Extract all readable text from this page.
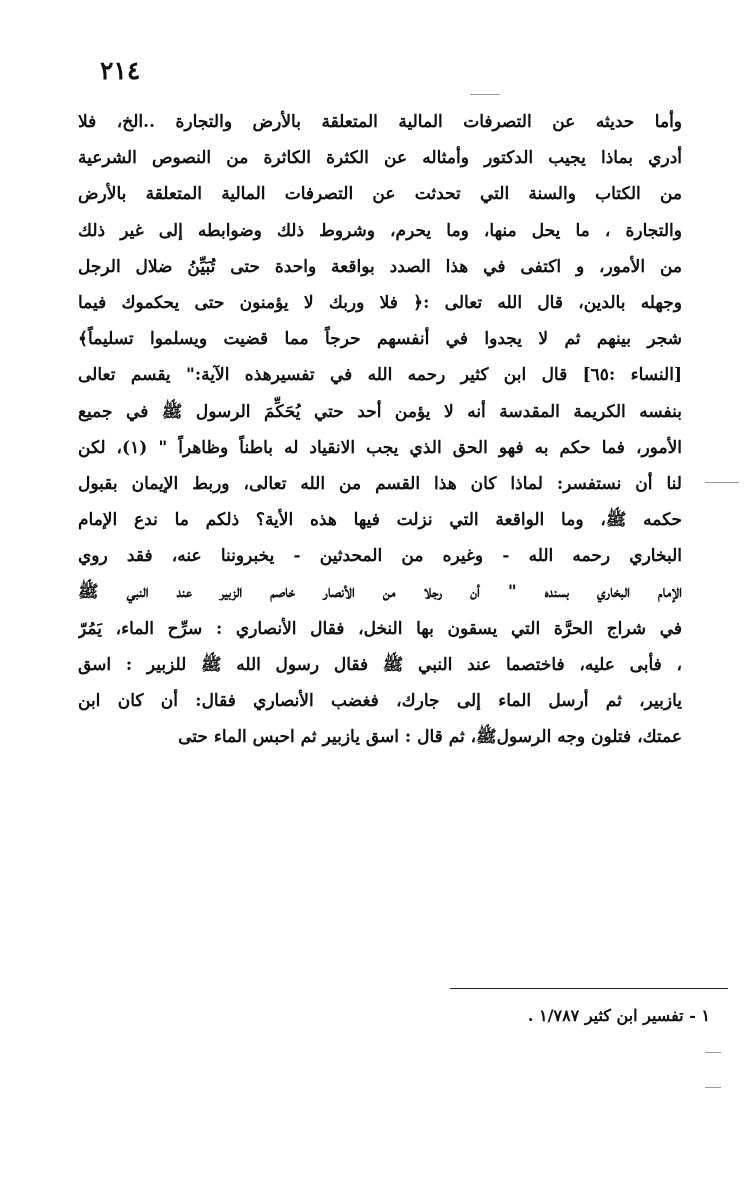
٢١٤
وأما حديثه عن التصرفات المالية المتعلقة بالأرض والتجارة ..الخ، فلا
أدري بماذا يجيب الدكتور وأمثاله عن الكثرة الكاثرة من النصوص الشرعية
من الكتاب والسنة التي تحدثت عن التصرفات المالية المتعلقة بالأرض
والتجارة ، ما يحل منها، وما يحرم، وشروط ذلك وضوابطه إلى غير ذلك
من الأمور، و اكتفى في هذا الصدد بواقعة واحدة حتى تُبَيِّنُ ضلال الرجل
وجهله بالدين، قال الله تعالى :﴿ فلا وربك لا يؤمنون حتى يحكموك فيما
شجر بينهم ثم لا يجدوا في أنفسهم حرجاً مما قضيت ويسلموا تسليماً﴾
[النساء :٦٥] قال ابن كثير رحمه الله في تفسيرهذه الآية:" يقسم تعالى
بنفسه الكريمة المقدسة أنه لا يؤمن أحد حتي يُحَكِّمَ الرسول ﷺ في جميع
الأمور، فما حكم به فهو الحق الذي يجب الانقياد له باطناً وظاهراً " (١)، لكن
لنا أن نستفسر: لماذا كان هذا القسم من الله تعالى، وربط الإيمان بقبول
حكمه ﷺ، وما الواقعة التي نزلت فيها هذه الأية؟ ذلكم ما ندع الإمام
البخاري رحمه الله - وغيره من المحدثين - يخبروننا عنه، فقد روي
الإمام البخاري بسنده " أن رجلا من الأنصار خاصم الزبير عند النبي ﷺ
في شراج الحرَّة التي يسقون بها النخل، فقال الأنصاري : سرِّح الماء، يَمُرّ
، فأبى عليه، فاختصما عند النبي ﷺ فقال رسول الله ﷺ للزبير : اسق
يازبير، ثم أرسل الماء إلى جارك، فغضب الأنصاري فقال: أن كان ابن
عمتك، فتلون وجه الرسولﷺ، ثم قال : اسق يازبير ثم احبس الماء حتى
١ - تفسير ابن كثير ١/٧٨٧ .
